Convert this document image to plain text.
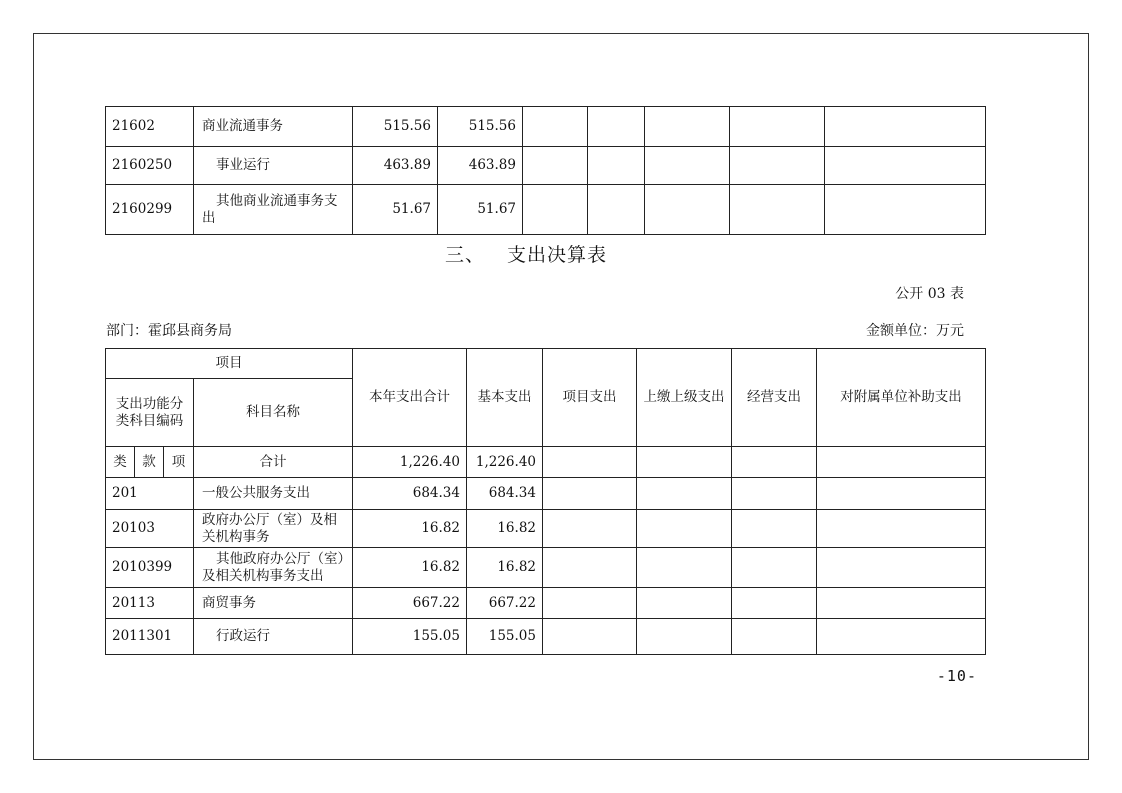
21602	商业流通事务	515.56	515.56					
2160250	事业运行	463.89	463.89					
2160299	其他商业流通事务支出	51.67	51.67					
三、 支出决算表
公开 03 表
部门：霍邱县商务局	金额单位：万元
项目				本年支出合计	基本支出	项目支出	上缴上级支出	经营支出	对附属单位补助支出
支出功能分类科目编码			科目名称						
类	款	项	合计	1,226.40	1,226.40				
201			一般公共服务支出	684.34	684.34				
20103			政府办公厅（室）及相关机构事务	16.82	16.82				
2010399			其他政府办公厅（室）及相关机构事务支出	16.82	16.82				
20113			商贸事务	667.22	667.22				
2011301			行政运行	155.05	155.05				
-10-
